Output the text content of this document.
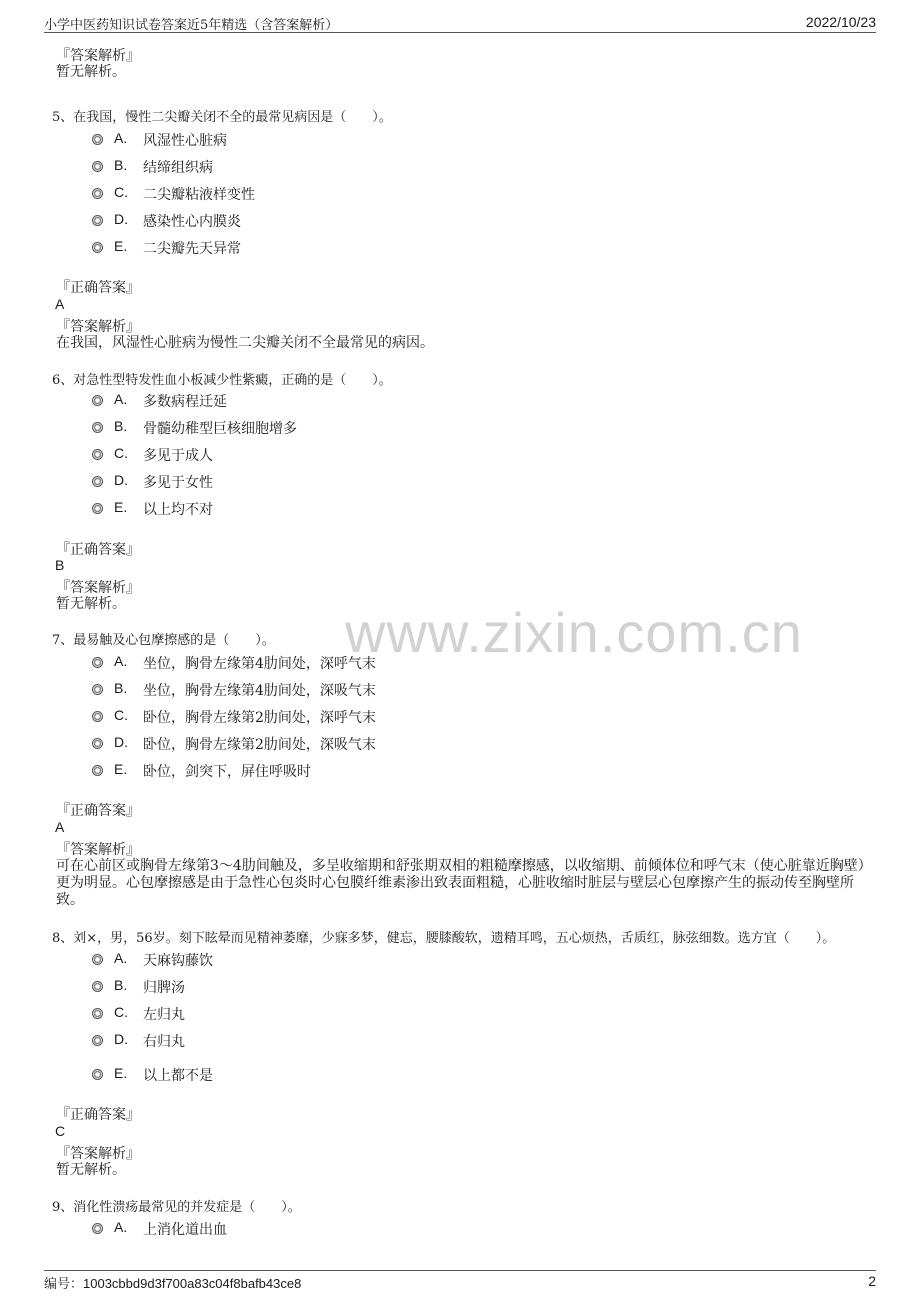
小学中医药知识试卷答案近5年精选（含答案解析）	2022/10/23
www.zixin.com.cn
『答案解析』
暂无解析。
5、在我国，慢性二尖瓣关闭不全的最常见病因是（　　）。
A. 风湿性心脏病
B. 结缔组织病
C. 二尖瓣粘液样变性
D. 感染性心内膜炎
E. 二尖瓣先天异常
『正确答案』
A
『答案解析』
在我国，风湿性心脏病为慢性二尖瓣关闭不全最常见的病因。
6、对急性型特发性血小板减少性紫癜，正确的是（　　）。
A. 多数病程迁延
B. 骨髓幼稚型巨核细胞增多
C. 多见于成人
D. 多见于女性
E. 以上均不对
『正确答案』
B
『答案解析』
暂无解析。
7、最易触及心包摩擦感的是（　　）。
A. 坐位，胸骨左缘第4肋间处，深呼气末
B. 坐位，胸骨左缘第4肋间处，深吸气末
C. 卧位，胸骨左缘第2肋间处，深呼气末
D. 卧位，胸骨左缘第2肋间处，深吸气末
E. 卧位，剑突下，屏住呼吸时
『正确答案』
A
『答案解析』
可在心前区或胸骨左缘第3～4肋间触及，多呈收缩期和舒张期双相的粗糙摩擦感，以收缩期、前倾体位和呼气末（使心脏靠近胸壁）更为明显。心包摩擦感是由于急性心包炎时心包膜纤维素渗出致表面粗糙，心脏收缩时脏层与壁层心包摩擦产生的振动传至胸壁所致。
8、刘×，男，56岁。刻下眩晕而见精神萎靡，少寐多梦，健忘，腰膝酸软，遗精耳鸣，五心烦热，舌质红，脉弦细数。选方宜（　　）。
A. 天麻钩藤饮
B. 归脾汤
C. 左归丸
D. 右归丸
E. 以上都不是
『正确答案』
C
『答案解析』
暂无解析。
9、消化性溃疡最常见的并发症是（　　）。
A. 上消化道出血
编号：1003cbbd9d3f700a83c04f8bafb43ce8	2
